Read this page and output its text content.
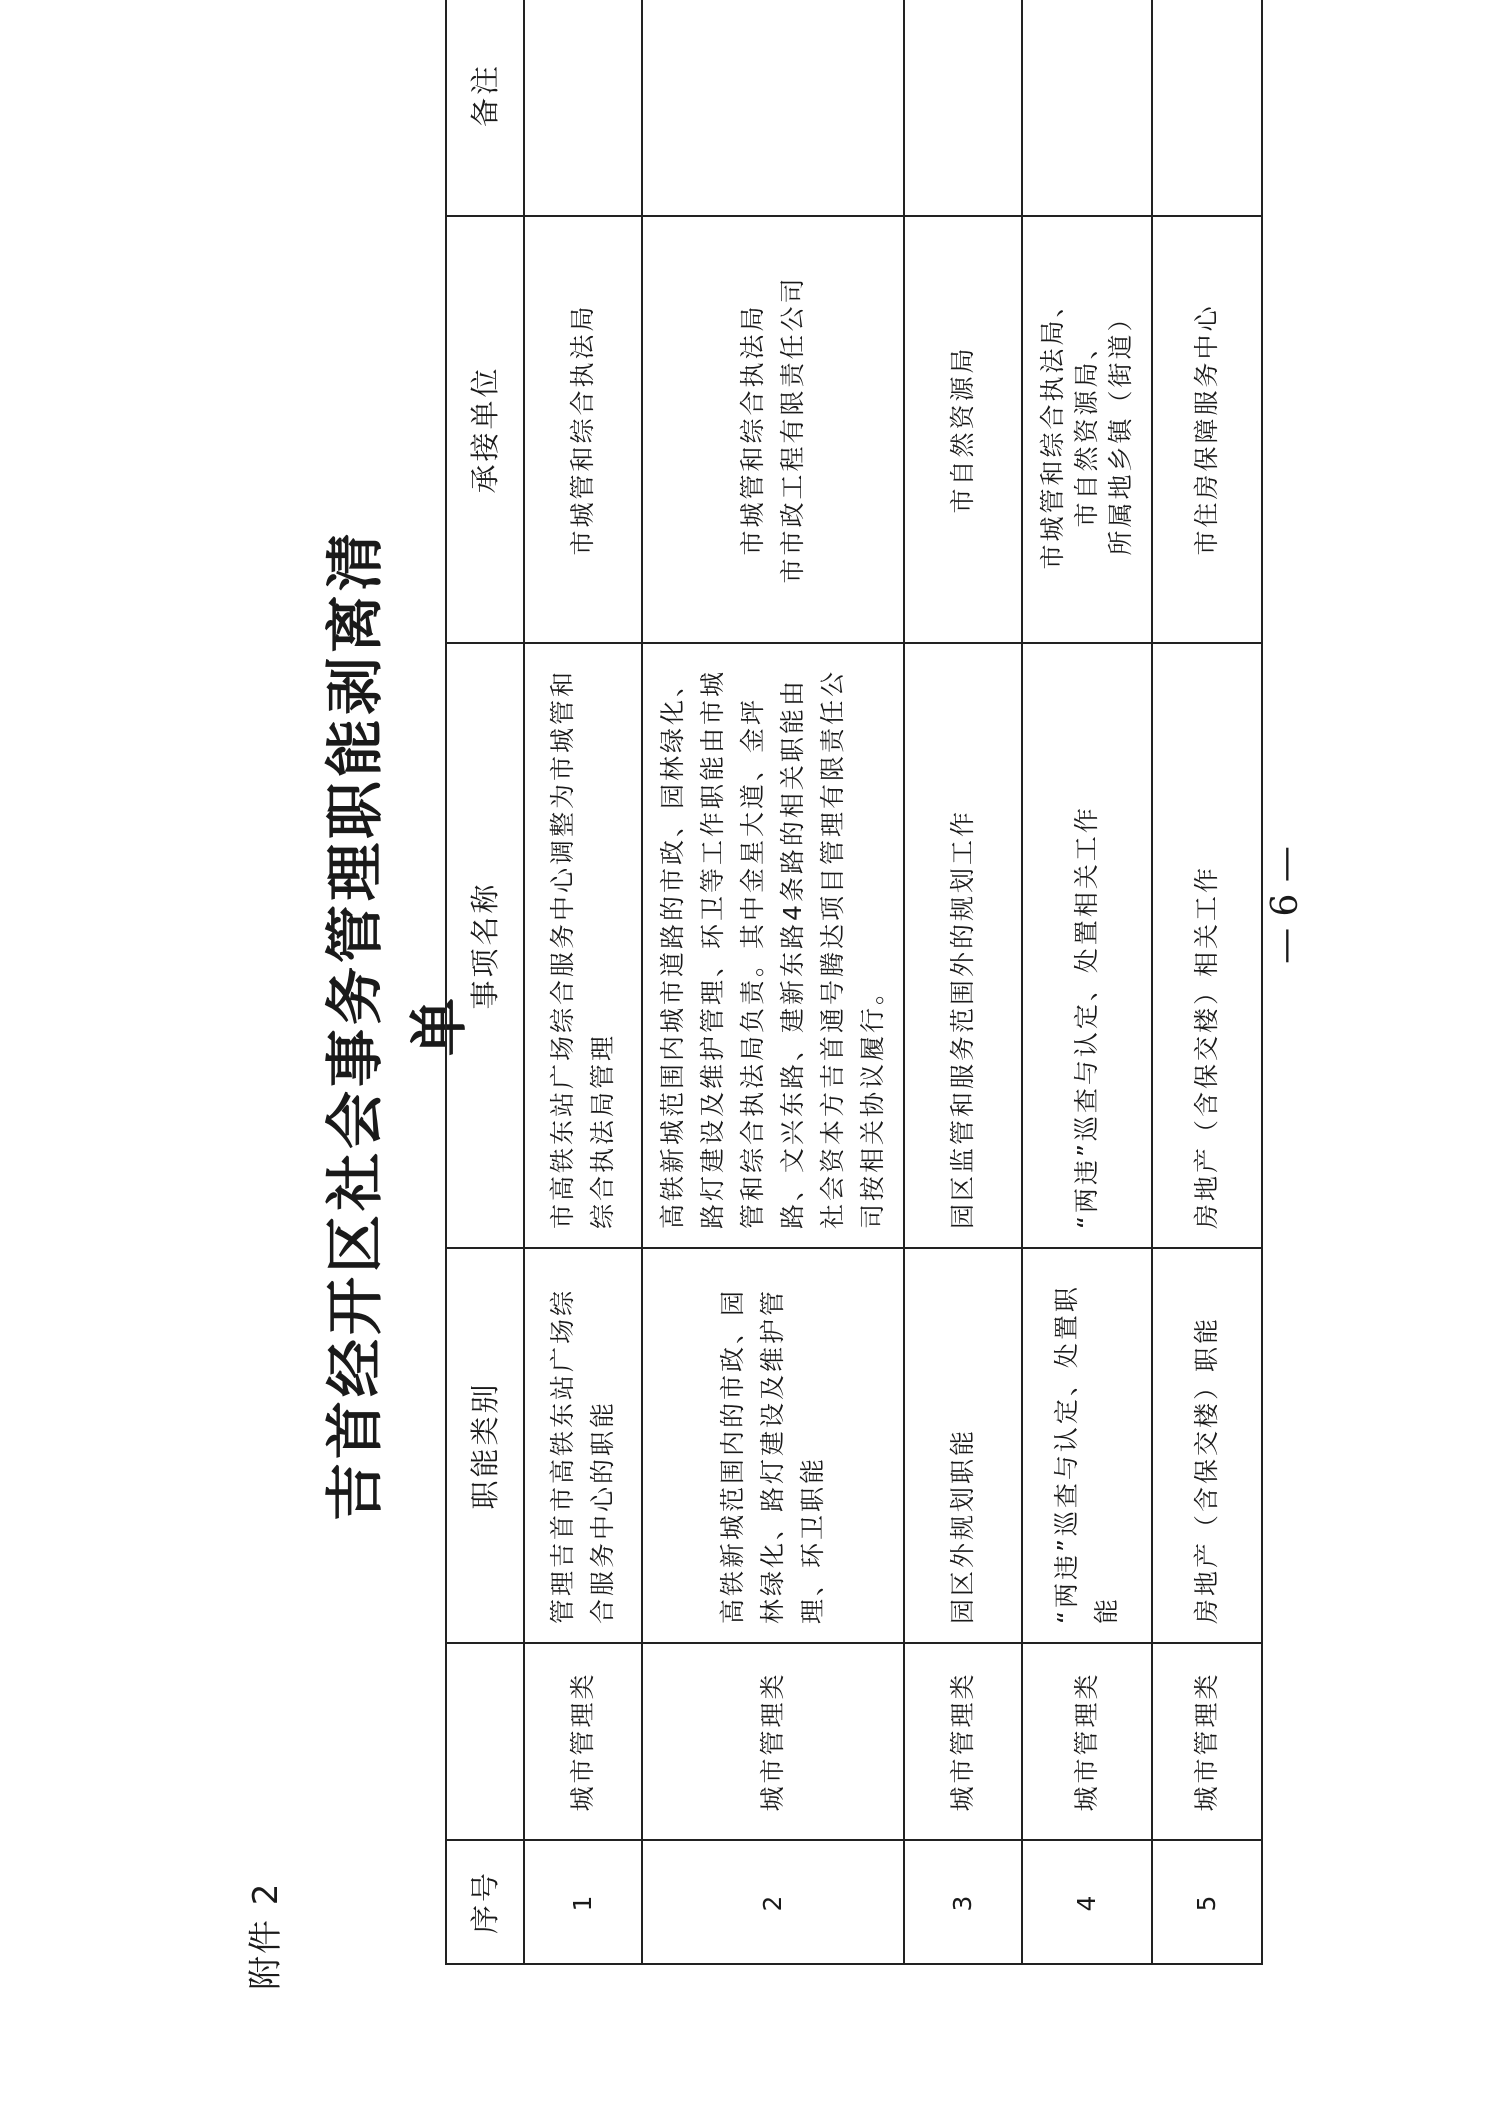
附件 2
吉首经开区社会事务管理职能剥离清单
序号		职能类别	事项名称	承接单位	备注
1	城市管理类	管理吉首市高铁东站广场综合服务中心的职能	市高铁东站广场综合服务中心调整为市城管和综合执法局管理	市城管和综合执法局	

2	城市管理类	高铁新城范围内的市政、园林绿化、路灯建设及维护管理、环卫职能	高铁新城范围内城市道路的市政、园林绿化、路灯建设及维护管理、环卫等工作职能由市城管和综合执法局负责。其中金星大道、金坪路、文兴东路、建新东路4条路的相关职能由社会资本方吉首通号腾达项目管理有限责任公司按相关协议履行。	市城管和综合执法局 市市政工程有限责任公司	

3	城市管理类	园区外规划职能	园区监管和服务范围外的规划工作	市自然资源局	

4	城市管理类	“两违”巡查与认定、处置职能	“两违”巡查与认定、处置相关工作	市城管和综合执法局、 市自然资源局、 所属地乡镇（街道）	

5	城市管理类	房地产（含保交楼）职能	房地产（含保交楼）相关工作	市住房保障服务中心	

— 6 —
